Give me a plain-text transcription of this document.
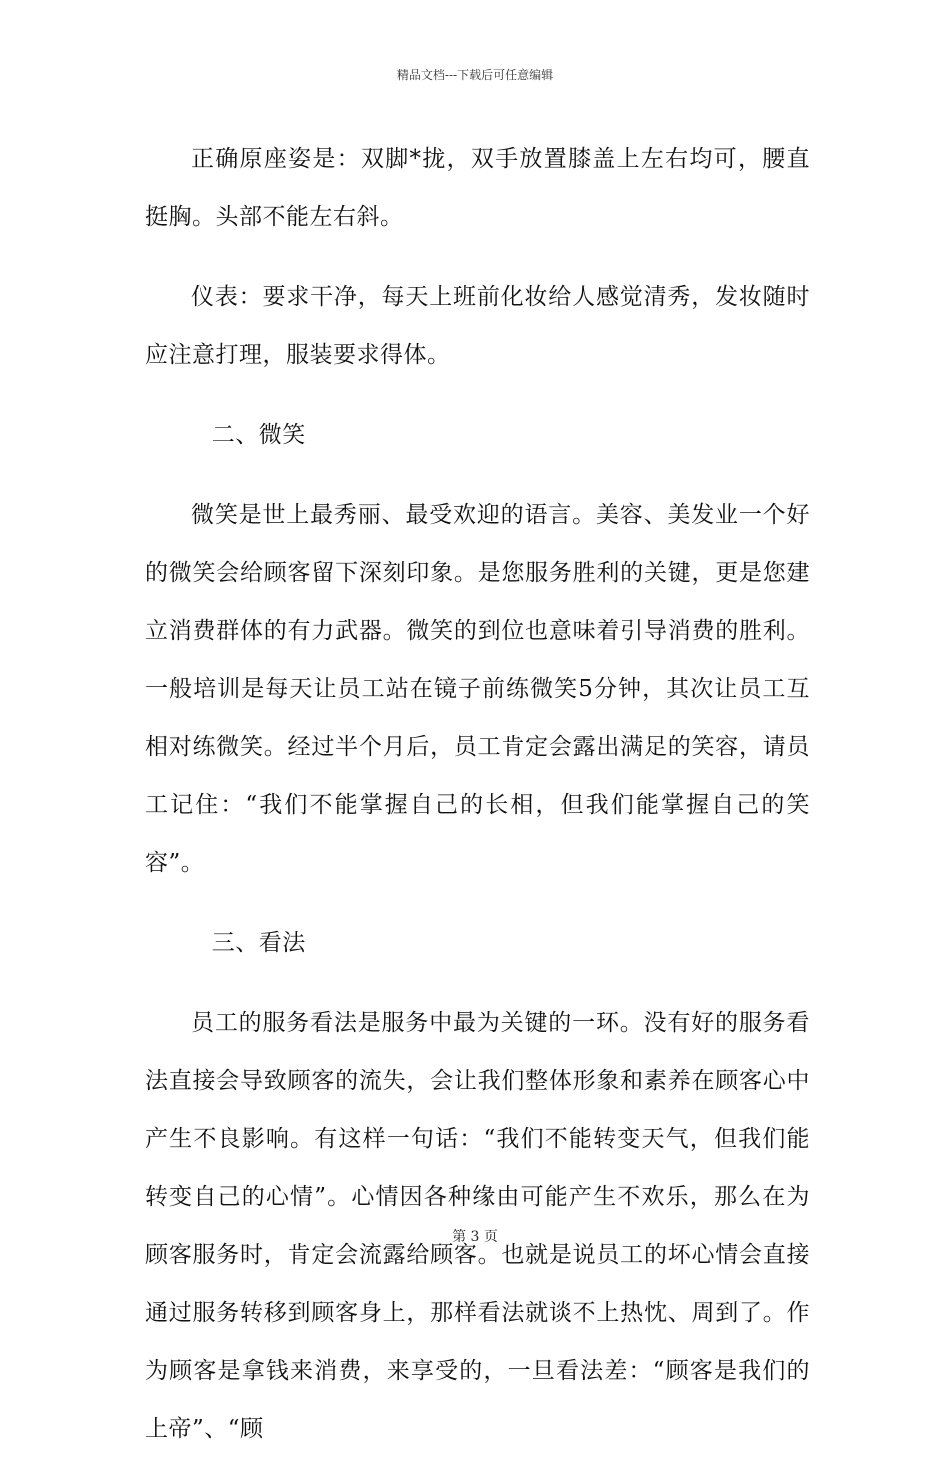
精品文档---下载后可任意编辑

正确原座姿是：双脚*拢，双手放置膝盖上左右均可，腰直挺胸。头部不能左右斜。

仪表：要求干净，每天上班前化妆给人感觉清秀，发妆随时应注意打理，服装要求得体。

二、微笑

微笑是世上最秀丽、最受欢迎的语言。美容、美发业一个好的微笑会给顾客留下深刻印象。是您服务胜利的关键，更是您建立消费群体的有力武器。微笑的到位也意味着引导消费的胜利。一般培训是每天让员工站在镜子前练微笑5分钟，其次让员工互相对练微笑。经过半个月后，员工肯定会露出满足的笑容，请员工记住：“我们不能掌握自己的长相，但我们能掌握自己的笑容”。

三、看法

员工的服务看法是服务中最为关键的一环。没有好的服务看法直接会导致顾客的流失，会让我们整体形象和素养在顾客心中产生不良影响。有这样一句话：“我们不能转变天气，但我们能转变自己的心情”。心情因各种缘由可能产生不欢乐，那么在为顾客服务时，肯定会流露给顾客。也就是说员工的坏心情会直接通过服务转移到顾客身上，那样看法就谈不上热忱、周到了。作为顾客是拿钱来消费，来享受的，一旦看法差：“顾客是我们的上帝”、“顾

第 3 页
